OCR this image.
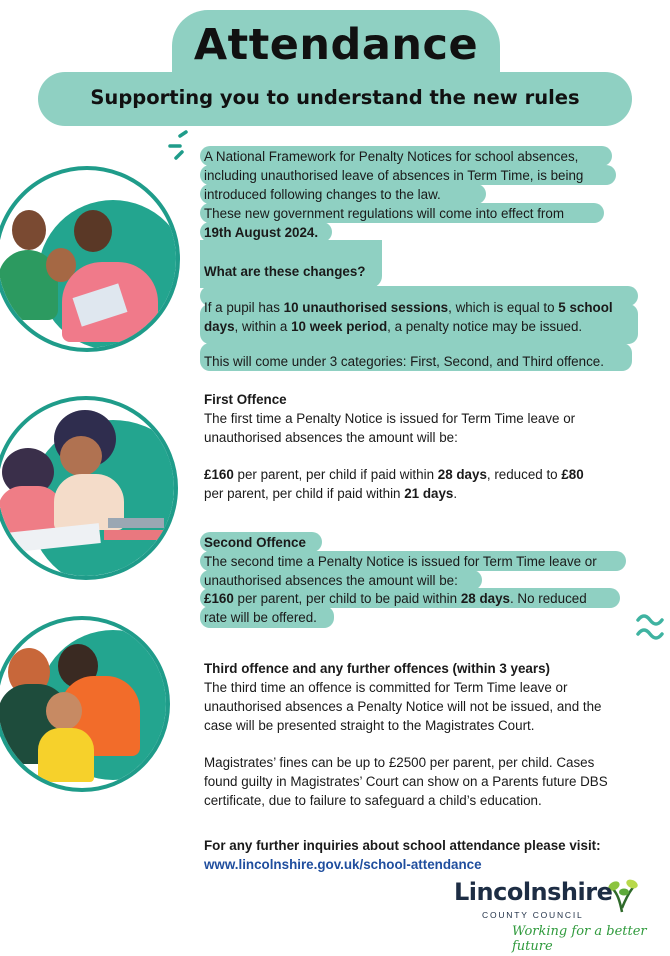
Attendance
Supporting you to understand the new rules

A National Framework for Penalty Notices for school absences,

including unauthorised leave of absences in Term Time, is being

introduced following changes to the law.

These new government regulations will come into effect from

19th August 2024.

What are these changes?

If a pupil has 10 unauthorised sessions, which is equal to 5 school

days, within a 10 week period, a penalty notice may be issued.

This will come under 3 categories: First, Second, and Third offence.

First Offence

The first time a Penalty Notice is issued for Term Time leave or

unauthorised absences the amount will be:

£160 per parent, per child if paid within 28 days, reduced to £80

per parent, per child if paid within 21 days.

Second Offence

The second time a Penalty Notice is issued for Term Time leave or

unauthorised absences the amount will be:

£160 per parent, per child to be paid within 28 days. No reduced

rate will be offered.

Third offence and any further offences (within 3 years)

The third time an offence is committed for Term Time leave or

unauthorised absences a Penalty Notice will not be issued, and the

case will be presented straight to the Magistrates Court.

Magistrates’ fines can be up to £2500 per parent, per child. Cases

found guilty in Magistrates’ Court can show on a Parents future DBS

certificate, due to failure to safeguard a child’s education.

For any further inquiries about school attendance please visit:

www.lincolnshire.gov.uk/school-attendance

Lincolnshire

COUNTY COUNCIL

Working for a better future
